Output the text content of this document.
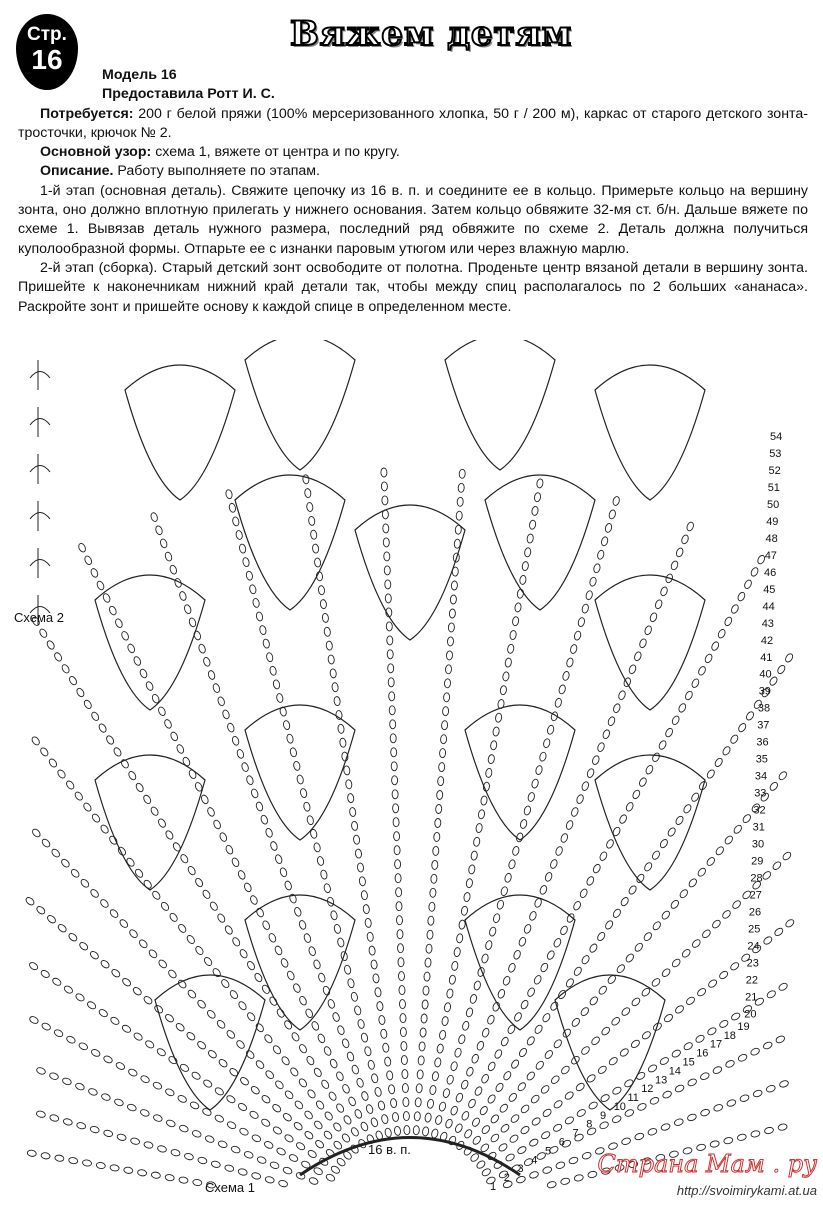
Стр.
16
Вяжем детям

Модель 16

Предоставила Ротт И. С.

Потребуется: 200 г белой пряжи (100% мерсеризованного хлопка, 50 г / 200 м), каркас от старого детского зонта-тросточки, крючок № 2.

Основной узор: схема 1, вяжете от центра и по кругу.

Описание. Работу выполняете по этапам.

1-й этап (основная деталь). Свяжите цепочку из 16 в. п. и соедините ее в кольцо. Примерьте кольцо на вершину зонта, оно должно вплотную прилегать у нижнего основания. Затем кольцо обвяжите 32-мя ст. б/н. Дальше вяжете по схеме 1. Вывязав деталь нужного размера, последний ряд обвяжите по схеме 2. Деталь должна получиться куполообразной формы. Отпарьте ее с изнанки паровым утюгом или через влажную марлю.

2-й этап (сборка). Старый детский зонт освободите от полотна. Проденьте центр вязаной детали в вершину зонта. Пришейте к наконечникам нижний край детали так, чтобы между спиц располагалось по 2 больших «ананаса». Раскройте зонт и пришейте основу к каждой спице в определенном месте.

54
53
52
51
50
49
48
47
46
45
44
43
42
41
40
39
38
37
36
35
34
33
32
31
30
29
28
27
26
25
24
23
22
21
20
19
18
17
16
15
14
13
12
11
10
9
8
7
6
5
4
3
2
1
Схема 2
Схема 1
16 в. п.
Страна Мам . ру
http://svoimirykami.at.ua
